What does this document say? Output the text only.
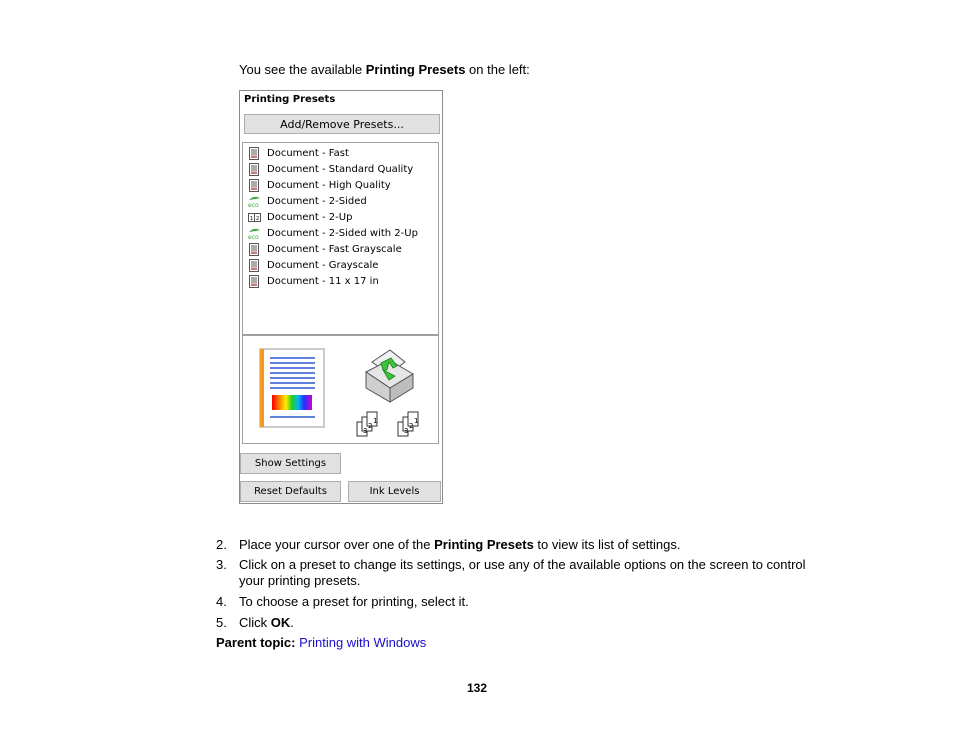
You see the available Printing Presets on the left:
Printing Presets
Add/Remove Presets...
Document - Fast
Document - Standard Quality
Document - High Quality
eco Document - 2-Sided
1 2 Document - 2-Up
eco Document - 2-Sided with 2-Up
Document - Fast Grayscale
Document - Grayscale
Document - 11 x 17 in
3
2
1
3
2
1
Show Settings
Reset Defaults	Ink Levels
2. Place your cursor over one of the Printing Presets to view its list of settings.
3. Click on a preset to change its settings, or use any of the available options on the screen to control your printing presets.
4. To choose a preset for printing, select it.
5. Click OK.
Parent topic: Printing with Windows
132
